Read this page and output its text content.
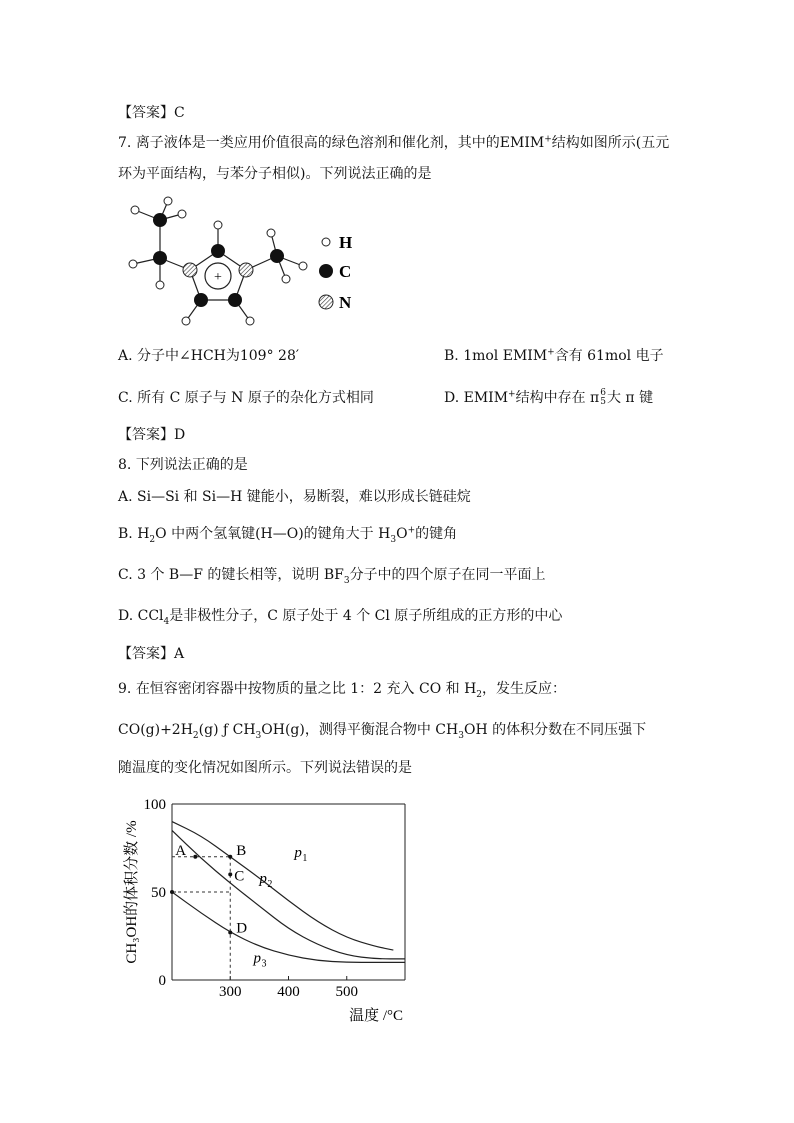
【答案】C
7. 离子液体是一类应用价值很高的绿色溶剂和催化剂，其中的EMIM+结构如图所示(五元
环为平面结构，与苯分子相似)。下列说法正确的是
+
H
C
N
A. 分子中∠HCH为109° 28′	B. 1mol EMIM+含有 61mol 电子
C. 所有 C 原子与 N 原子的杂化方式相同	D. EMIM+结构中存在 π 6
5 大 π 键
【答案】D
8. 下列说法正确的是
A. Si—Si 和 Si—H 键能小，易断裂，难以形成长链硅烷
B. $H_2O$ 中两个氢氧键(H—O)的键角大于 $H_3O^+$的键角
C. 3 个 B—F 的键长相等，说明 $BF_3$分子中的四个原子在同一平面上
D. CCl$_4$是非极性分子，C 原子处于 4 个 Cl 原子所组成的正方形的中心
【答案】A
9. 在恒容密闭容器中按物质的量之比 1：2 充入 CO 和 $H_2$，发生反应：
$CO(g)+2H_2(g)$ ƒ $CH_3OH(g)$，测得平衡混合物中 $CH_3OH$ 的体积分数在不同压强下
随温度的变化情况如图所示。下列说法错误的是
0
50
100
300 400 500
p 1
p 2
p 3
A	B
C
D
温度 /°C
CH₃OH的体积分数 /%
